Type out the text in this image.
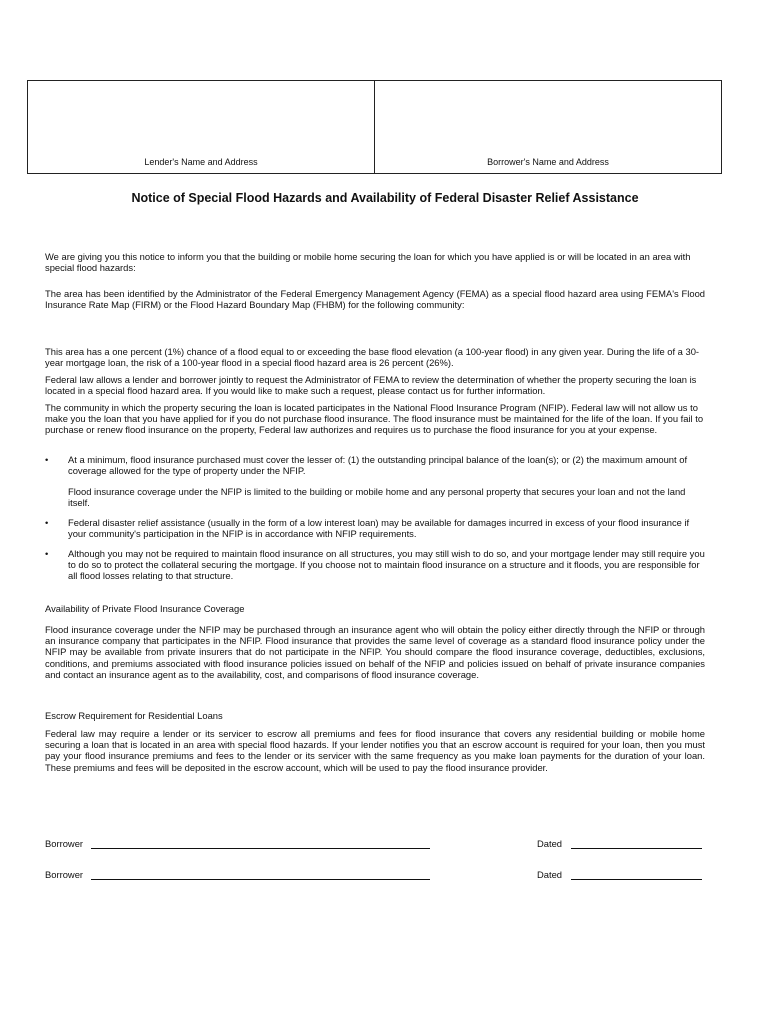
Lender's Name and Address	Borrower's Name and Address
Notice of Special Flood Hazards and Availability of Federal Disaster Relief Assistance

We are giving you this notice to inform you that the building or mobile home securing the loan for which you have applied is or will be located in an area with special flood hazards:

The area has been identified by the Administrator of the Federal Emergency Management Agency (FEMA) as a special flood hazard area using FEMA's Flood Insurance Rate Map (FIRM) or the Flood Hazard Boundary Map (FHBM) for the following community:

This area has a one percent (1%) chance of a flood equal to or exceeding the base flood elevation (a 100-year flood) in any given year. During the life of a 30-year mortgage loan, the risk of a 100-year flood in a special flood hazard area is 26 percent (26%).

Federal law allows a lender and borrower jointly to request the Administrator of FEMA to review the determination of whether the property securing the loan is located in a special flood hazard area. If you would like to make such a request, please contact us for further information.

The community in which the property securing the loan is located participates in the National Flood Insurance Program (NFIP). Federal law will not allow us to make you the loan that you have applied for if you do not purchase flood insurance. The flood insurance must be maintained for the life of the loan. If you fail to purchase or renew flood insurance on the property, Federal law authorizes and requires us to purchase the flood insurance for you at your expense.

• At a minimum, flood insurance purchased must cover the lesser of: (1) the outstanding principal balance of the loan(s); or (2) the maximum amount of coverage allowed for the type of property under the NFIP.
Flood insurance coverage under the NFIP is limited to the building or mobile home and any personal property that secures your loan and not the land itself.
• Federal disaster relief assistance (usually in the form of a low interest loan) may be available for damages incurred in excess of your flood insurance if your community's participation in the NFIP is in accordance with NFIP requirements.
• Although you may not be required to maintain flood insurance on all structures, you may still wish to do so, and your mortgage lender may still require you to do so to protect the collateral securing the mortgage. If you choose not to maintain flood insurance on a structure and it floods, you are responsible for all flood losses relating to that structure.
Availability of Private Flood Insurance Coverage

Flood insurance coverage under the NFIP may be purchased through an insurance agent who will obtain the policy either directly through the NFIP or through an insurance company that participates in the NFIP. Flood insurance that provides the same level of coverage as a standard flood insurance policy under the NFIP may be available from private insurers that do not participate in the NFIP. You should compare the flood insurance coverage, deductibles, exclusions, conditions, and premiums associated with flood insurance policies issued on behalf of the NFIP and policies issued on behalf of private insurance companies and contact an insurance agent as to the availability, cost, and comparisons of flood insurance coverage.

Escrow Requirement for Residential Loans

Federal law may require a lender or its servicer to escrow all premiums and fees for flood insurance that covers any residential building or mobile home securing a loan that is located in an area with special flood hazards. If your lender notifies you that an escrow account is required for your loan, then you must pay your flood insurance premiums and fees to the lender or its servicer with the same frequency as you make loan payments for the duration of your loan. These premiums and fees will be deposited in the escrow account, which will be used to pay the flood insurance provider.

Borrower	Dated
Borrower	Dated
